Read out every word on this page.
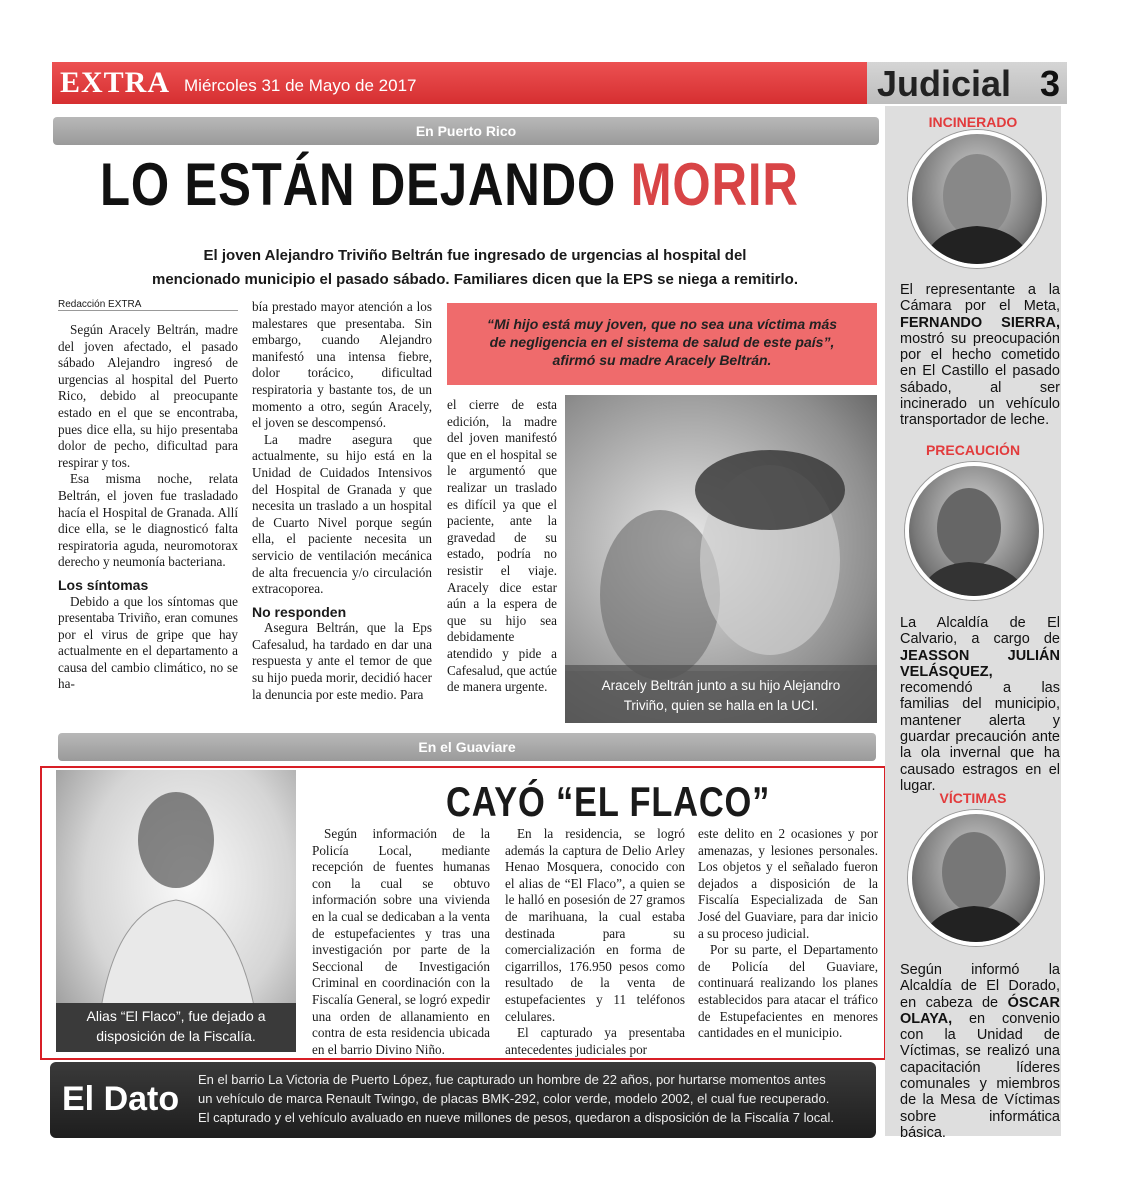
EXTRA Miércoles 31 de Mayo de 2017	Judicial 3
En Puerto Rico
LO ESTÁN DEJANDO MORIR
El joven Alejandro Triviño Beltrán fue ingresado de urgencias al hospital del
mencionado municipio el pasado sábado. Familiares dicen que la EPS se niega a remitirlo.
Redacción EXTRA

Según Aracely Beltrán, madre del joven afectado, el pasado sábado Alejandro ingresó de urgencias al hospital del Puerto Rico, debido al preocupante estado en el que se encontraba, pues dice ella, su hijo presentaba dolor de pecho, dificultad para respirar y tos.

Esa misma noche, relata Beltrán, el joven fue trasladado hacía el Hospital de Granada. Allí dice ella, se le diagnosticó falta respiratoria aguda, neuromotorax derecho y neumonía bacteriana.

Los síntomas

Debido a que los síntomas que presentaba Triviño, eran comunes por el virus de gripe que hay actualmente en el departamento a causa del cambio climático, no se ha-

bía prestado mayor atención a los malestares que presentaba. Sin embargo, cuando Alejandro manifestó una intensa fiebre, dolor torácico, dificultad respiratoria y bastante tos, de un momento a otro, según Aracely, el joven se descompensó.

La madre asegura que actualmente, su hijo está en la Unidad de Cuidados Intensivos del Hospital de Granada y que necesita un traslado a un hospital de Cuarto Nivel porque según ella, el paciente necesita un servicio de ventilación mecánica de alta frecuencia y/o circulación extracoporea.

No responden

Asegura Beltrán, que la Eps Cafesalud, ha tardado en dar una respuesta y ante el temor de que su hijo pueda morir, decidió hacer la denuncia por este medio. Para

“Mi hijo está muy joven, que no sea una víctima más
de negligencia en el sistema de salud de este país”,
afirmó su madre Aracely Beltrán.

el cierre de esta edición, la madre del joven manifestó que en el hospital se le argumentó que realizar un traslado es difícil ya que el paciente, ante la gravedad de su estado, podría no resistir el viaje. Aracely dice estar aún a la espera de que su hijo sea debidamente atendido y pide a Cafesalud, que actúe de manera urgente.	Aracely Beltrán junto a su hijo Alejandro
Triviño, quien se halla en la UCI.
En el Guaviare
Alias “El Flaco”, fue dejado a
disposición de la Fiscalía.
CAYÓ “EL FLACO”

Según información de la Policía Local, mediante recepción de fuentes humanas con la cual se obtuvo información sobre una vivienda en la cual se dedicaban a la venta de estupefacientes y tras una investigación por parte de la Seccional de Investigación Criminal en coordinación con la Fiscalía General, se logró expedir una orden de allanamiento en contra de esta residencia ubicada en el barrio Divino Niño.

En la residencia, se logró además la captura de Delio Arley Henao Mosquera, conocido con el alias de “El Flaco”, a quien se le halló en posesión de 27 gramos de marihuana, la cual estaba destinada para su comercialización en forma de cigarrillos, 176.950 pesos como resultado de la venta de estupefacientes y 11 teléfonos celulares.

El capturado ya presentaba antecedentes judiciales por

este delito en 2 ocasiones y por amenazas, y lesiones personales. Los objetos y el señalado fueron dejados a disposición de la Fiscalía Especializada de San José del Guaviare, para dar inicio a su proceso judicial.

Por su parte, el Departamento de Policía del Guaviare, continuará realizando los planes establecidos para atacar el tráfico de Estupefacientes en menores cantidades en el municipio.

El Dato
En el barrio La Victoria de Puerto López, fue capturado un hombre de 22 años, por hurtarse momentos antes
un vehículo de marca Renault Twingo, de placas BMK-292, color verde, modelo 2002, el cual fue recuperado.
El capturado y el vehículo avaluado en nueve millones de pesos, quedaron a disposición de la Fiscalía 7 local.
INCINERADO
El representante a la Cámara por el Meta, FERNANDO SIERRA, mostró su preocupación por el hecho cometido en El Castillo el pasado sábado, al ser incinerado un vehículo transportador de leche.
PRECAUCIÓN
La Alcaldía de El Calvario, a cargo de JEASSON JULIÁN VELÁSQUEZ, recomendó a las familias del municipio, mantener alerta y guardar precaución ante la ola invernal que ha causado estragos en el lugar.
VÍCTIMAS
Según informó la Alcaldía de El Dorado, en cabeza de ÓSCAR OLAYA, en convenio con la Unidad de Víctimas, se realizó una capacitación líderes comunales y miembros de la Mesa de Víctimas sobre informática básica.
